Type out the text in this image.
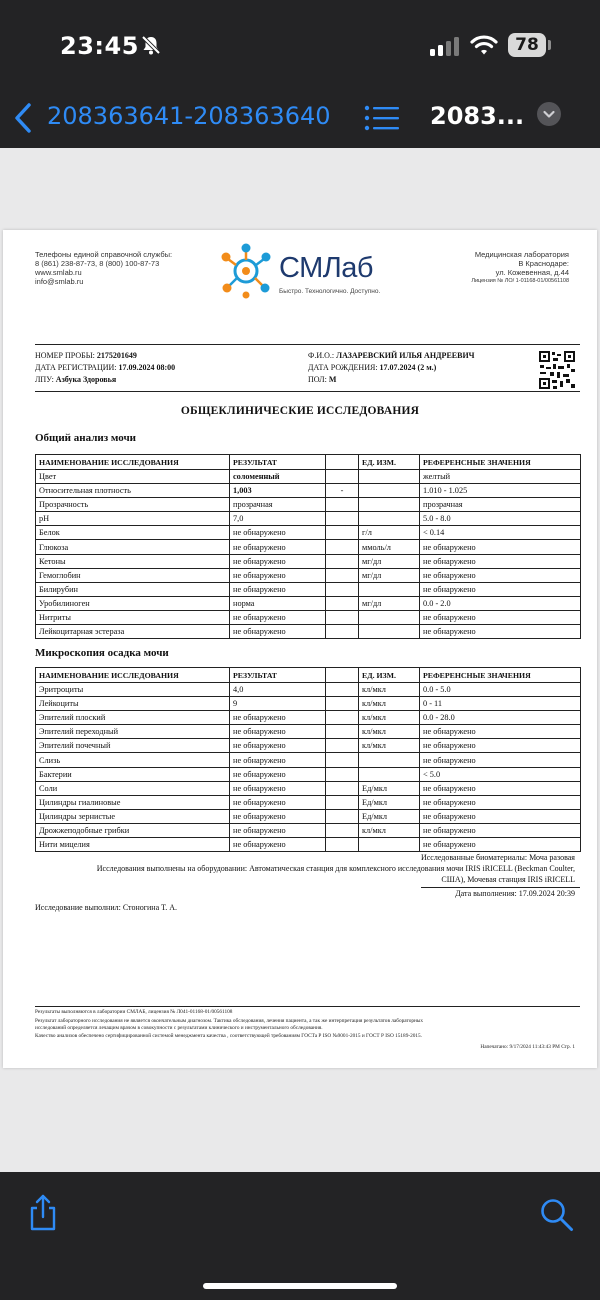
23:45	78
208363641-208363640	2083...
Телефоны единой справочной службы:
8 (861) 238-87-73, 8 (800) 100-87-73
www.smlab.ru
info@smlab.ru	СМЛаб
Быстро. Технологично. Доступно.
Медицинская лаборатория
В Краснодаре:
ул. Кожевенная, д.44
Лицензия № ЛО/ 1-01168-01/00561108
НОМЕР ПРОБЫ: 2175201649
ДАТА РЕГИСТРАЦИИ: 17.09.2024 08:00
ЛПУ: Азбука Здоровья
Ф.И.О.: ЛАЗАРЕВСКИЙ ИЛЬЯ АНДРЕЕВИЧ
ДАТА РОЖДЕНИЯ: 17.07.2024 (2 м.)
ПОЛ: М
ОБЩЕКЛИНИЧЕСКИЕ ИССЛЕДОВАНИЯ
Общий анализ мочи
НАИМЕНОВАНИЕ ИССЛЕДОВАНИЯ	РЕЗУЛЬТАТ		ЕД. ИЗМ.	РЕФЕРЕНСНЫЕ ЗНАЧЕНИЯ
Цвет	соломенный			желтый
Относительная плотность	1,003	-		1.010 - 1.025
Прозрачность	прозрачная			прозрачная
pH	7,0			5.0 - 8.0
Белок	не обнаружено		г/л	< 0.14
Глюкоза	не обнаружено		ммоль/л	не обнаружено
Кетоны	не обнаружено		мг/дл	не обнаружено
Гемоглобин	не обнаружено		мг/дл	не обнаружено
Билирубин	не обнаружено			не обнаружено
Уробилиноген	норма		мг/дл	0.0 - 2.0
Нитриты	не обнаружено			не обнаружено
Лейкоцитарная эстераза	не обнаружено			не обнаружено
Микроскопия осадка мочи
НАИМЕНОВАНИЕ ИССЛЕДОВАНИЯ	РЕЗУЛЬТАТ		ЕД. ИЗМ.	РЕФЕРЕНСНЫЕ ЗНАЧЕНИЯ
Эритроциты	4,0		кл/мкл	0.0 - 5.0
Лейкоциты	9		кл/мкл	0 - 11
Эпителий плоский	не обнаружено		кл/мкл	0.0 - 28.0
Эпителий переходный	не обнаружено		кл/мкл	не обнаружено
Эпителий почечный	не обнаружено		кл/мкл	не обнаружено
Слизь	не обнаружено			не обнаружено
Бактерии	не обнаружено			< 5.0
Соли	не обнаружено		Ед/мкл	не обнаружено
Цилиндры гиалиновые	не обнаружено		Ед/мкл	не обнаружено
Цилиндры зернистые	не обнаружено		Ед/мкл	не обнаружено
Дрожжеподобные грибки	не обнаружено		кл/мкл	не обнаружено
Нити мицелия	не обнаружено			не обнаружено
Исследованные биоматериалы: Моча разовая
Исследования выполнены на оборудовании: Автоматическая станция для комплексного исследования мочи IRIS iRICELL (Beckman Coulter,
США), Мочевая станция IRIS iRICELL
Дата выполнения: 17.09.2024 20:39
Исследование выполнил: Стоногина Т. А.
Результаты выполняются в лаборатории СМЛАБ, лицензия № Л041-01168-01/00561108
Результат лабораторного исследования не является окончательным диагнозом. Тактика обследования, лечения пациента, а так же интерпретация результатов лабораторных
исследований определяется лечащим врачом в совокупности с результатами клинического и инструментального обследования.
Качество анализов обеспечено сертифицированной системой менеджмента качества , соответствующей требованиям ГОСТа Р ISO №9001-2015 и ГОСТ Р ISO 15189-2015.
Напечатано: 9/17/2024 11:43:43 PM Стр. 1
